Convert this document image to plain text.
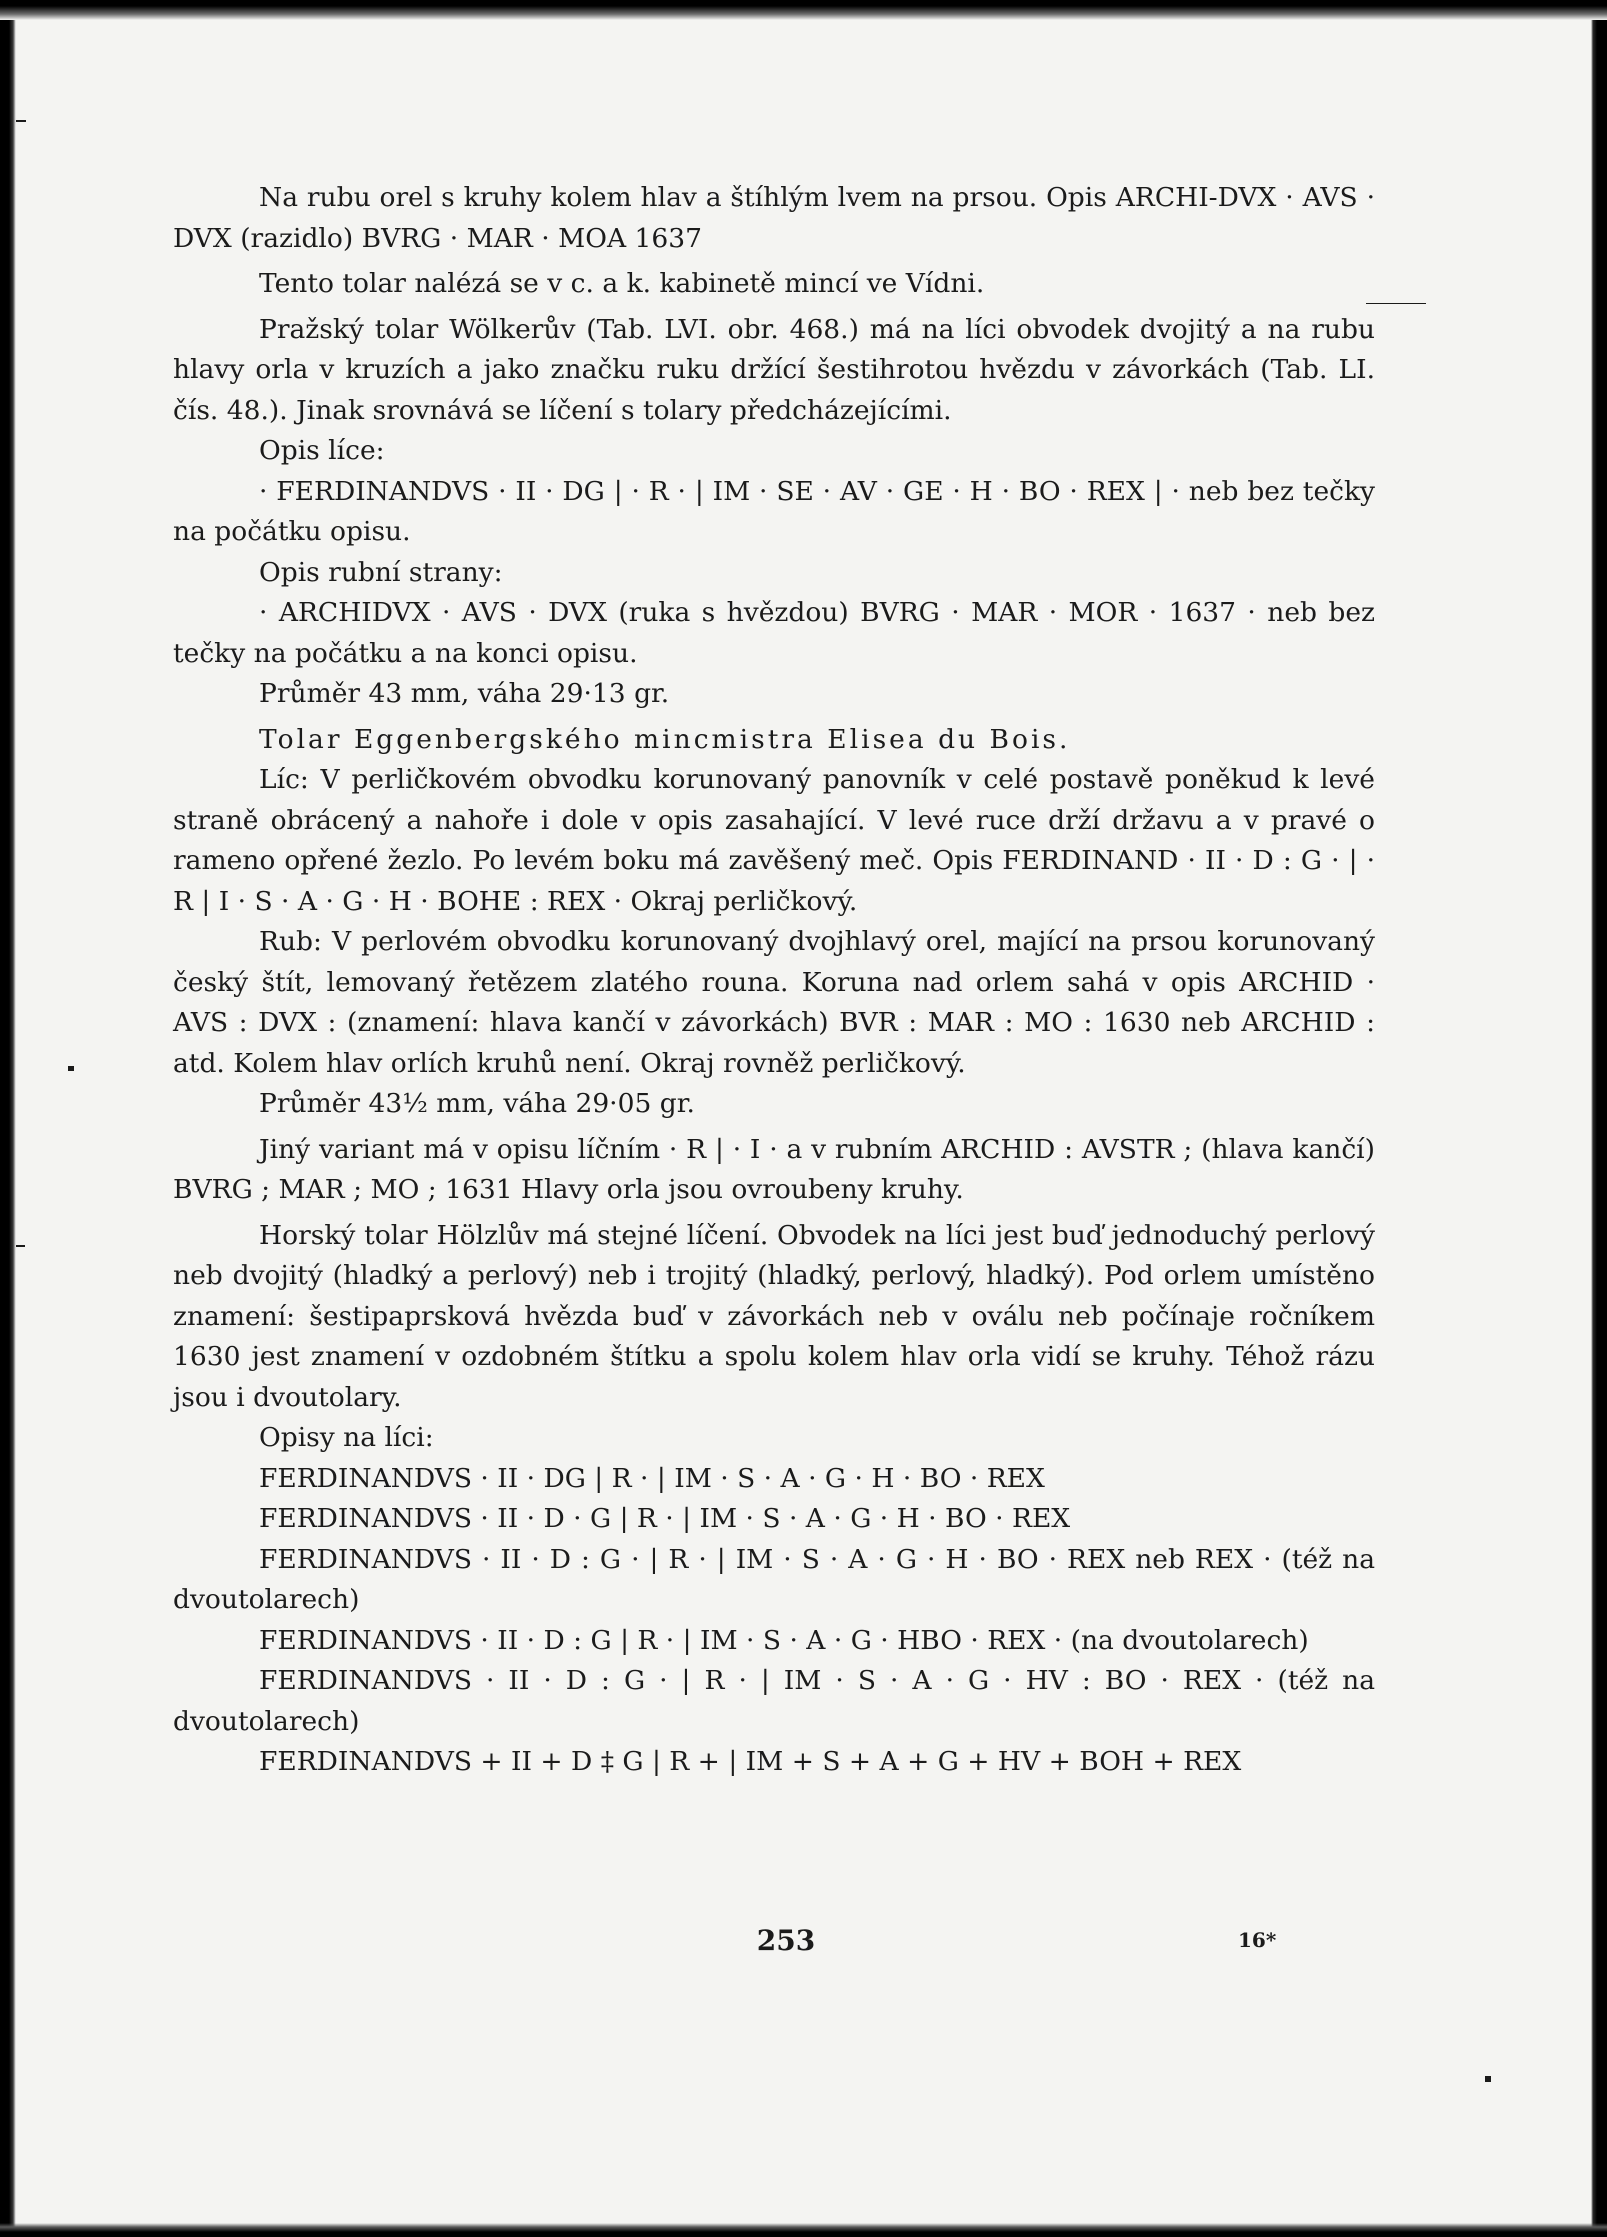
Na rubu orel s kruhy kolem hlav a štíhlým lvem na prsou. Opis ARCHI-DVX · AVS · DVX (razidlo) BVRG · MAR · MOA 1637

Tento tolar nalézá se v c. a k. kabinetě mincí ve Vídni.

Pražský tolar Wölkerův (Tab. LVI. obr. 468.) má na líci obvodek dvojitý a na rubu hlavy orla v kruzích a jako značku ruku držící šestihrotou hvězdu v závorkách (Tab. LI. čís. 48.). Jinak srovnává se líčení s tolary předcházejícími.

Opis líce:

· FERDINANDVS · II · DG | · R · | IM · SE · AV · GE · H · BO · REX | · neb bez tečky na počátku opisu.

Opis rubní strany:

· ARCHIDVX · AVS · DVX (ruka s hvězdou) BVRG · MAR · MOR · 1637 · neb bez tečky na počátku a na konci opisu.

Průměr 43 mm, váha 29·13 gr.

Tolar Eggenbergského mincmistra Elisea du Bois.

Líc: V perličkovém obvodku korunovaný panovník v celé postavě poněkud k levé straně obrácený a nahoře i dole v opis zasahající. V levé ruce drží državu a v pravé o rameno opřené žezlo. Po levém boku má zavěšený meč. Opis FERDINAND · II · D : G · | · R | I · S · A · G · H · BOHE : REX · Okraj perličkový.

Rub: V perlovém obvodku korunovaný dvojhlavý orel, mající na prsou korunovaný český štít, lemovaný řetězem zlatého rouna. Koruna nad orlem sahá v opis ARCHID · AVS : DVX : (znamení: hlava kančí v závorkách) BVR : MAR : MO : 1630 neb ARCHID : atd. Kolem hlav orlích kruhů není. Okraj rovněž perličkový.

Průměr 43½ mm, váha 29·05 gr.

Jiný variant má v opisu líčním · R | · I · a v rubním ARCHID : AVSTR ; (hlava kančí) BVRG ; MAR ; MO ; 1631 Hlavy orla jsou ovroubeny kruhy.

Horský tolar Hölzlův má stejné líčení. Obvodek na líci jest buď jednoduchý perlový neb dvojitý (hladký a perlový) neb i trojitý (hladký, perlový, hladký). Pod orlem umístěno znamení: šestipaprsková hvězda buď v závorkách neb v oválu neb počínaje ročníkem 1630 jest znamení v ozdobném štítku a spolu kolem hlav orla vidí se kruhy. Téhož rázu jsou i dvoutolary.

Opisy na líci:

FERDINANDVS · II · DG | R · | IM · S · A · G · H · BO · REX

FERDINANDVS · II · D · G | R · | IM · S · A · G · H · BO · REX

FERDINANDVS · II · D : G · | R · | IM · S · A · G · H · BO · REX neb REX · (též na dvoutolarech)

FERDINANDVS · II · D : G | R · | IM · S · A · G · HBO · REX · (na dvoutolarech)

FERDINANDVS · II · D : G · | R · | IM · S · A · G · HV : BO · REX · (též na dvoutolarech)

FERDINANDVS + II + D ‡ G | R + | IM + S + A + G + HV + BOH + REX

253	16*
